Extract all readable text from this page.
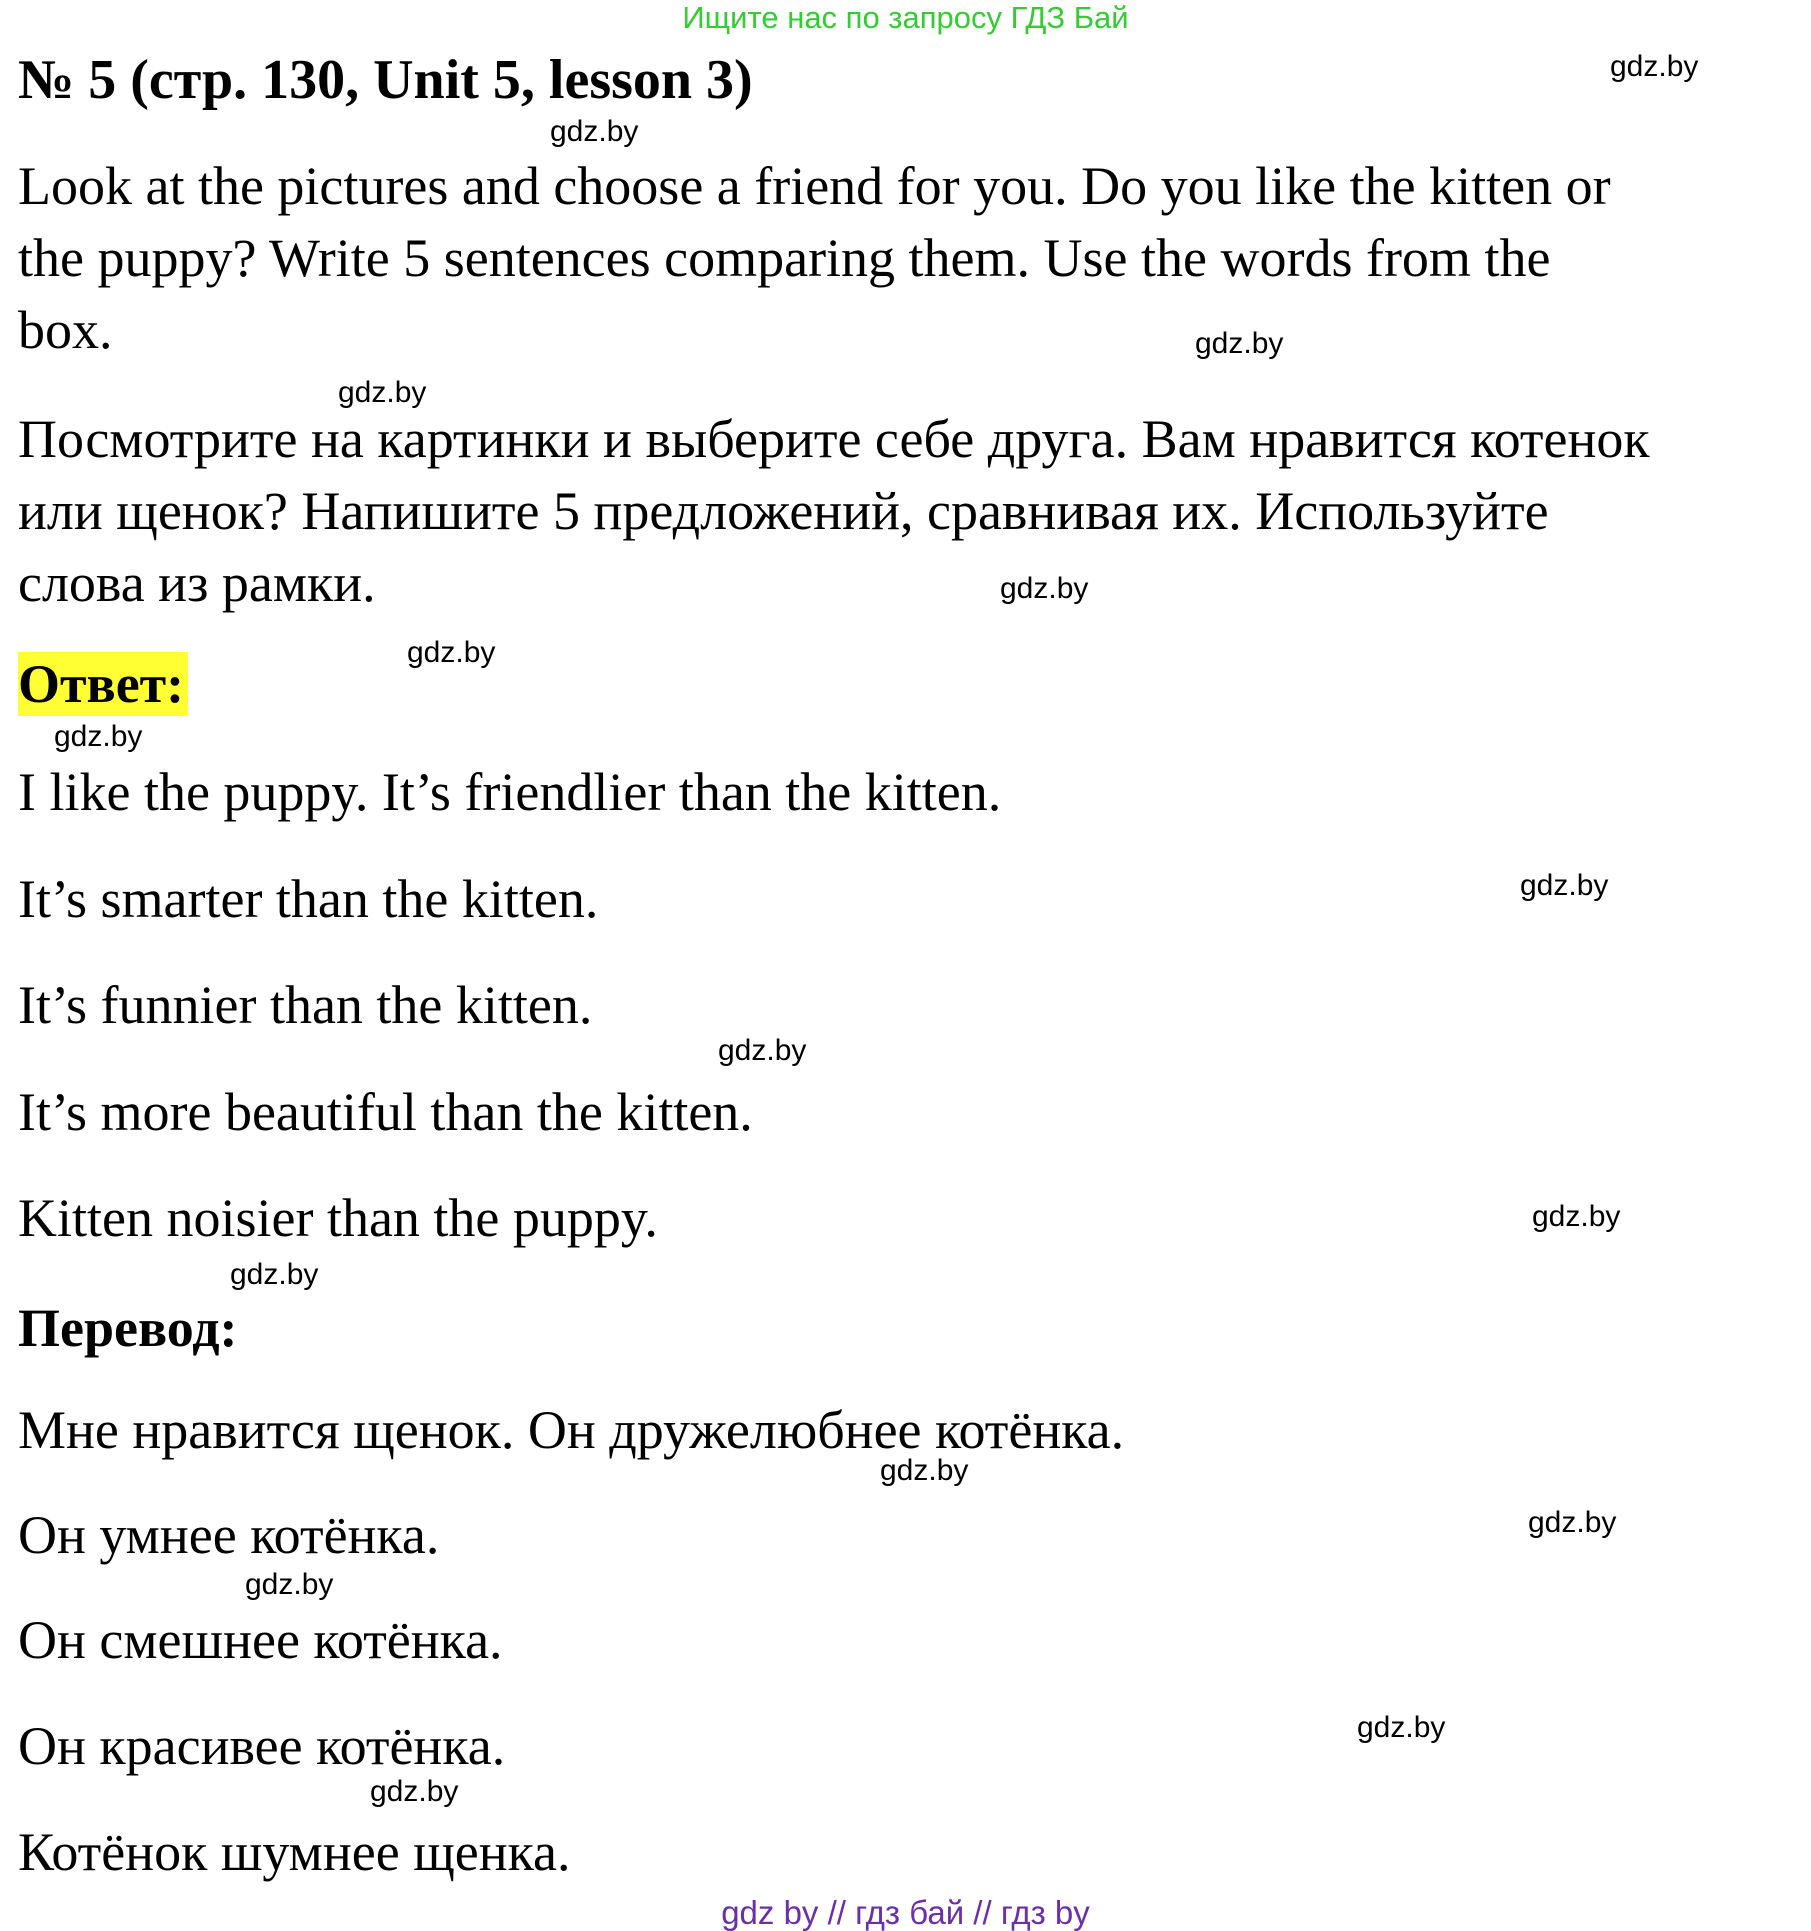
Ищите нас по запросу ГДЗ Бай
№ 5 (стр. 130, Unit 5, lesson 3)
Look at the pictures and choose a friend for you. Do you like the kitten or
the puppy? Write 5 sentences comparing them. Use the words from the
box.
Посмотрите на картинки и выберите себе друга. Вам нравится котенок
или щенок? Напишите 5 предложений, сравнивая их. Используйте
слова из рамки.
Ответ:
I like the puppy. It’s friendlier than the kitten.
It’s smarter than the kitten.
It’s funnier than the kitten.
It’s more beautiful than the kitten.
Kitten noisier than the puppy.
Перевод:
Мне нравится щенок. Он дружелюбнее котёнка.
Он умнее котёнка.
Он смешнее котёнка.
Он красивее котёнка.
Котёнок шумнее щенка.
gdz.by
gdz.by
gdz.by
gdz.by
gdz.by
gdz.by
gdz.by
gdz.by
gdz.by
gdz.by
gdz.by
gdz.by
gdz.by
gdz.by
gdz.by
gdz.by
gdz by // гдз бай // гдз by
